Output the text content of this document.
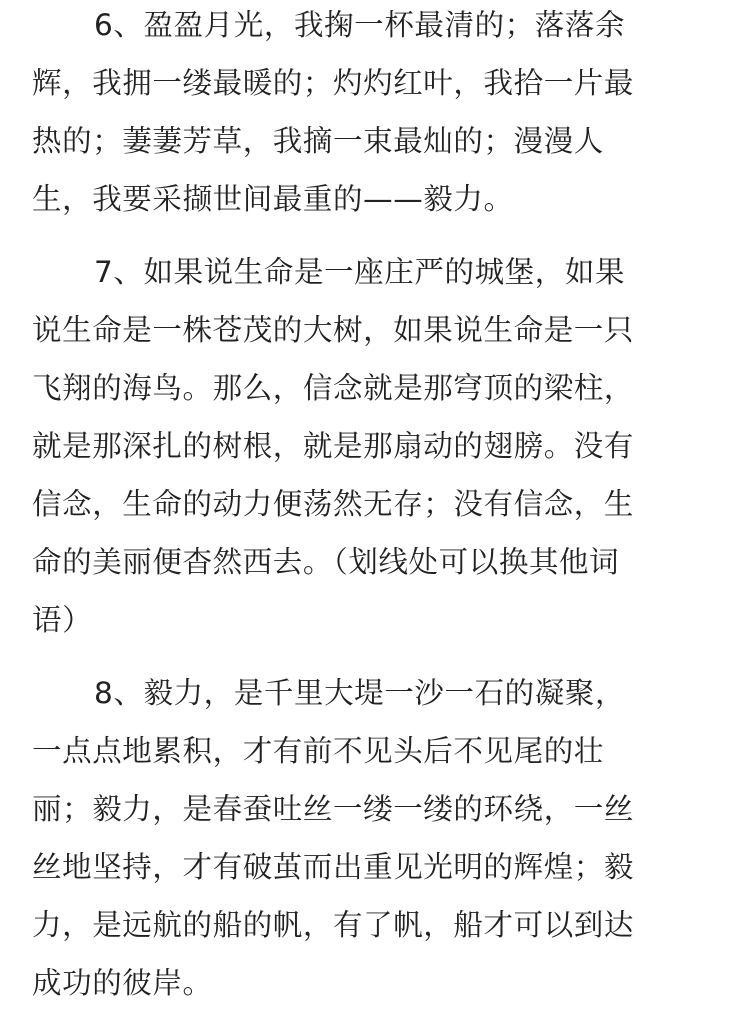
6、盈盈月光，我掬一杯最清的；落落余
辉，我拥一缕最暖的；灼灼红叶，我拾一片最
热的；萋萋芳草，我摘一束最灿的；漫漫人
生，我要采撷世间最重的——毅力。
7、如果说生命是一座庄严的城堡，如果
说生命是一株苍茂的大树，如果说生命是一只
飞翔的海鸟。那么，信念就是那穹顶的梁柱，
就是那深扎的树根，就是那扇动的翅膀。没有
信念，生命的动力便荡然无存；没有信念，生
命的美丽便杳然西去。（划线处可以换其他词
语）
8、毅力，是千里大堤一沙一石的凝聚，
一点点地累积，才有前不见头后不见尾的壮
丽；毅力，是春蚕吐丝一缕一缕的环绕，一丝
丝地坚持，才有破茧而出重见光明的辉煌；毅
力，是远航的船的帆，有了帆，船才可以到达
成功的彼岸。
